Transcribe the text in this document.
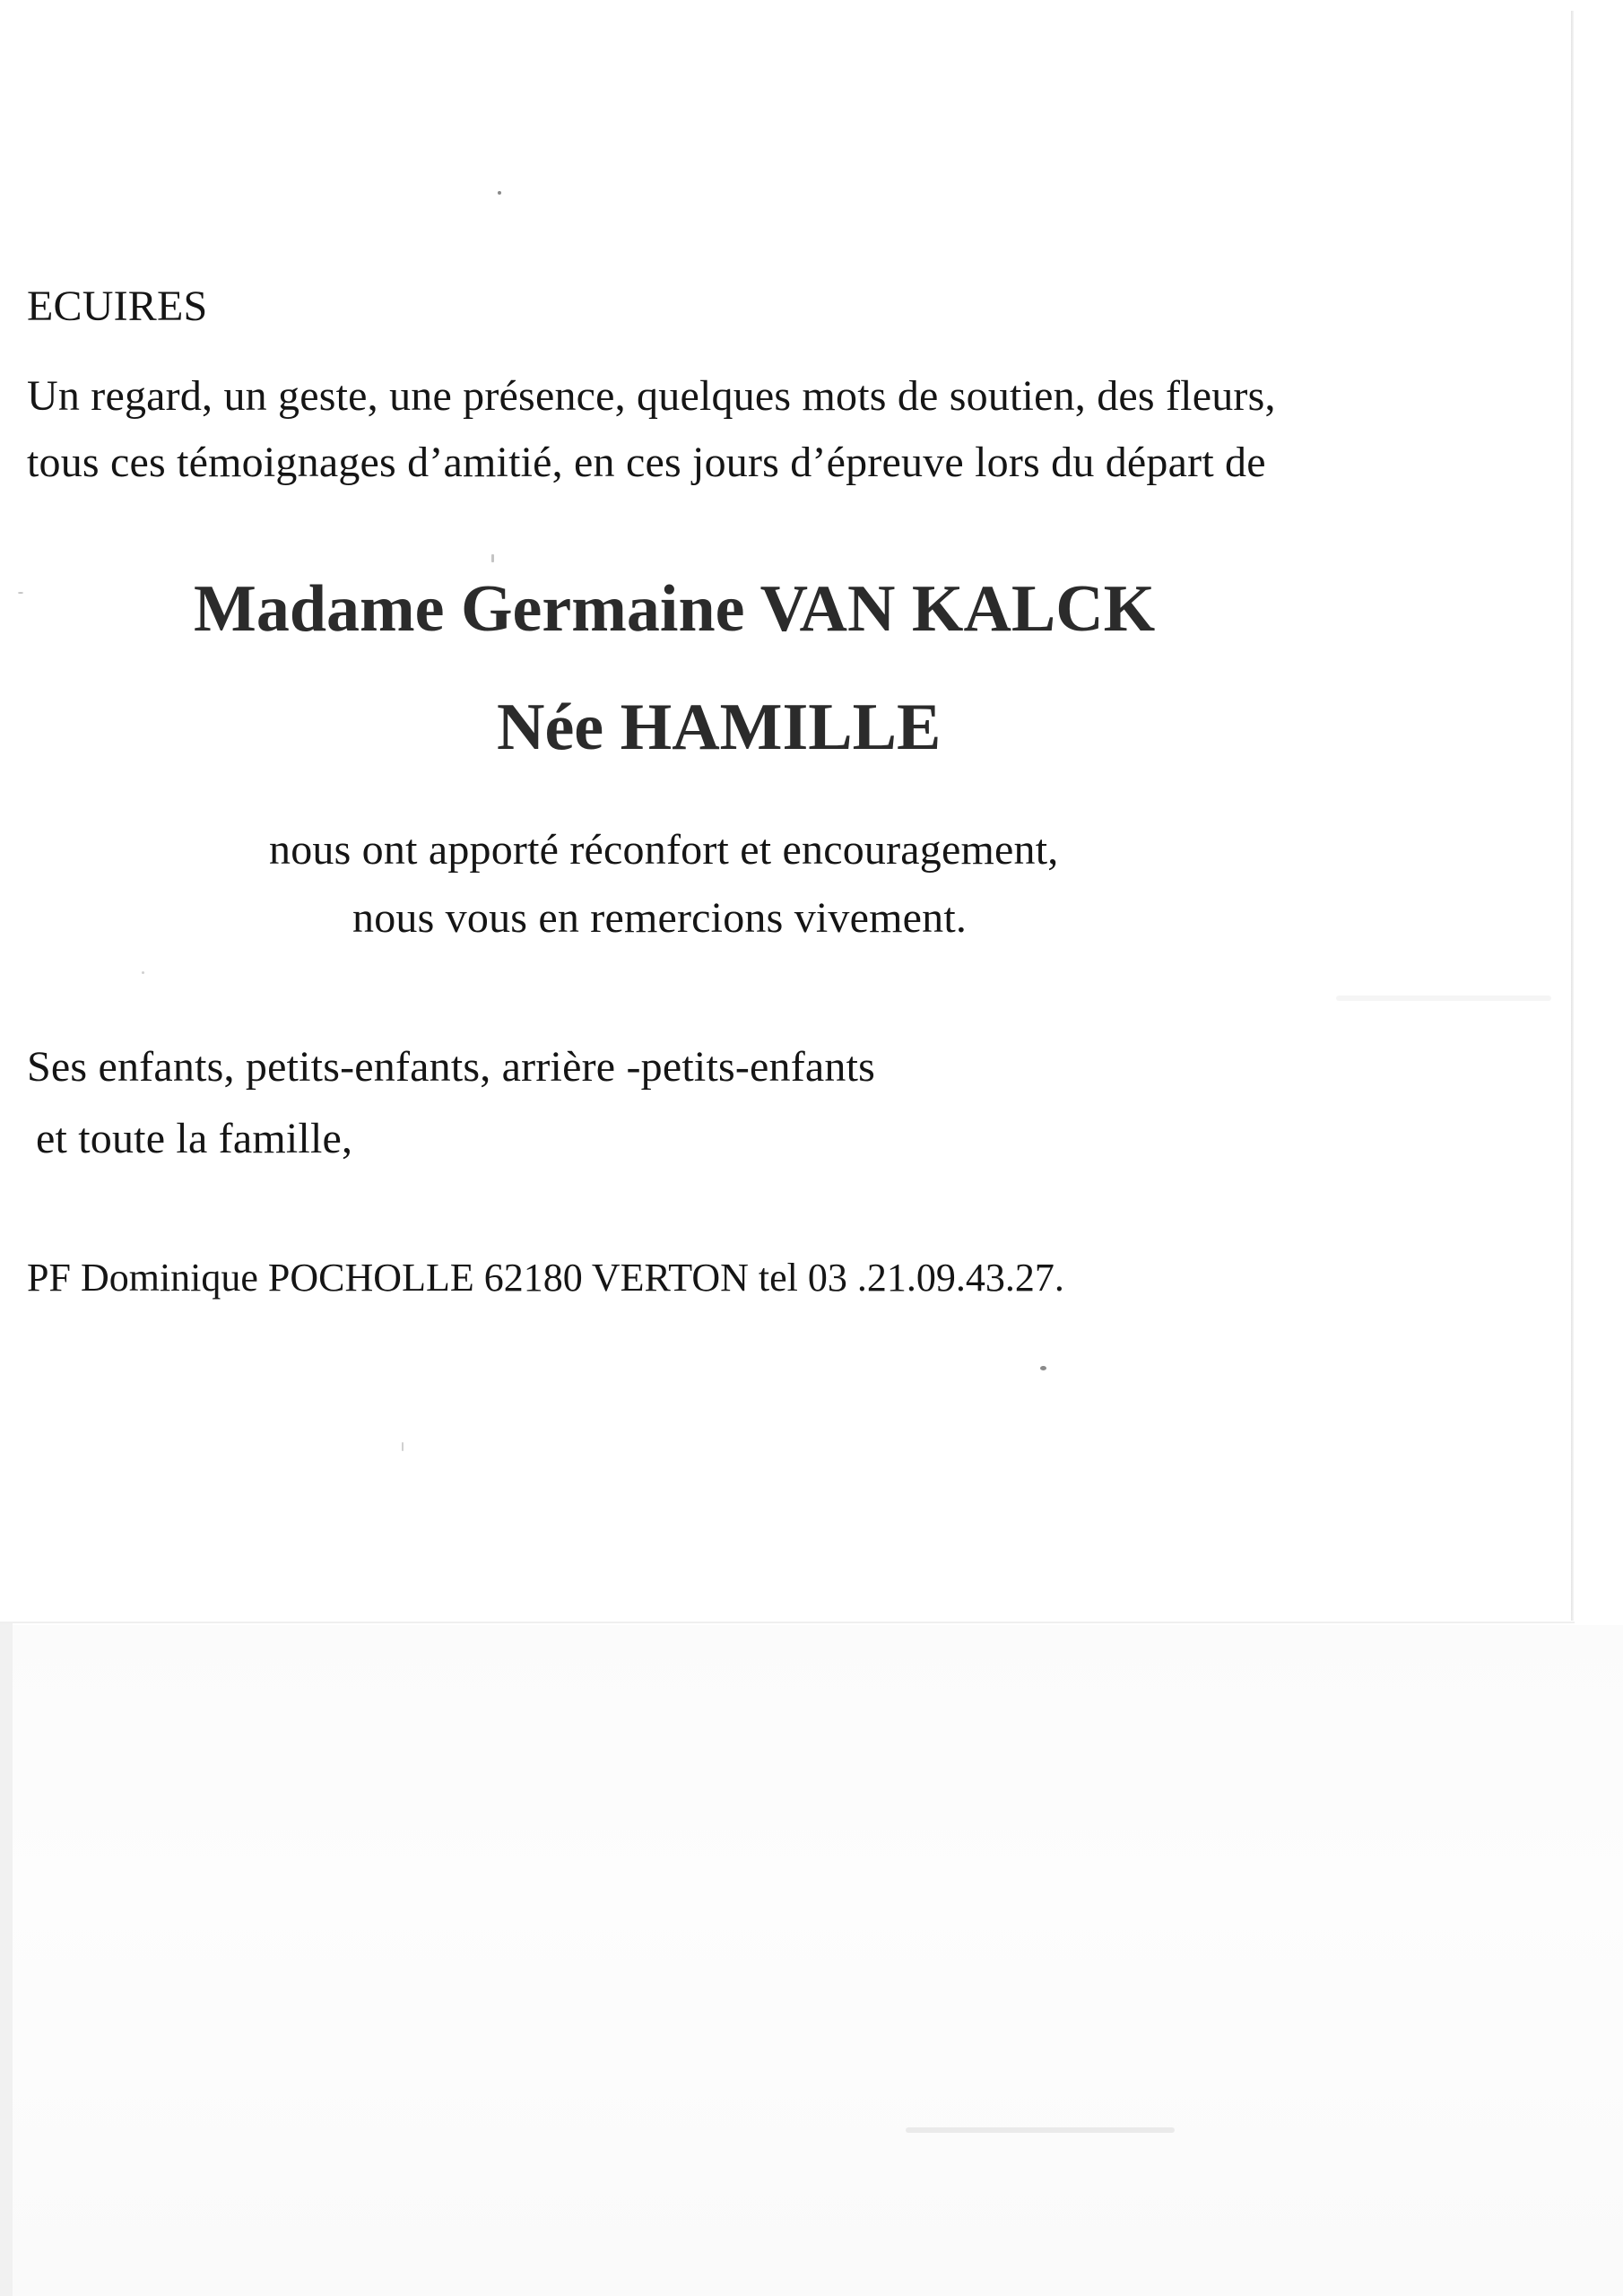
ECUIRES
Un regard, un geste, une présence, quelques mots de soutien, des fleurs,
tous ces témoignages d’amitié, en ces jours d’épreuve lors du départ de
Madame Germaine VAN KALCK
Née HAMILLE
nous ont apporté réconfort et encouragement,
nous vous en remercions vivement.
Ses enfants, petits-enfants, arrière -petits-enfants
et toute la famille,
PF Dominique POCHOLLE 62180 VERTON tel 03 .21.09.43.27.
